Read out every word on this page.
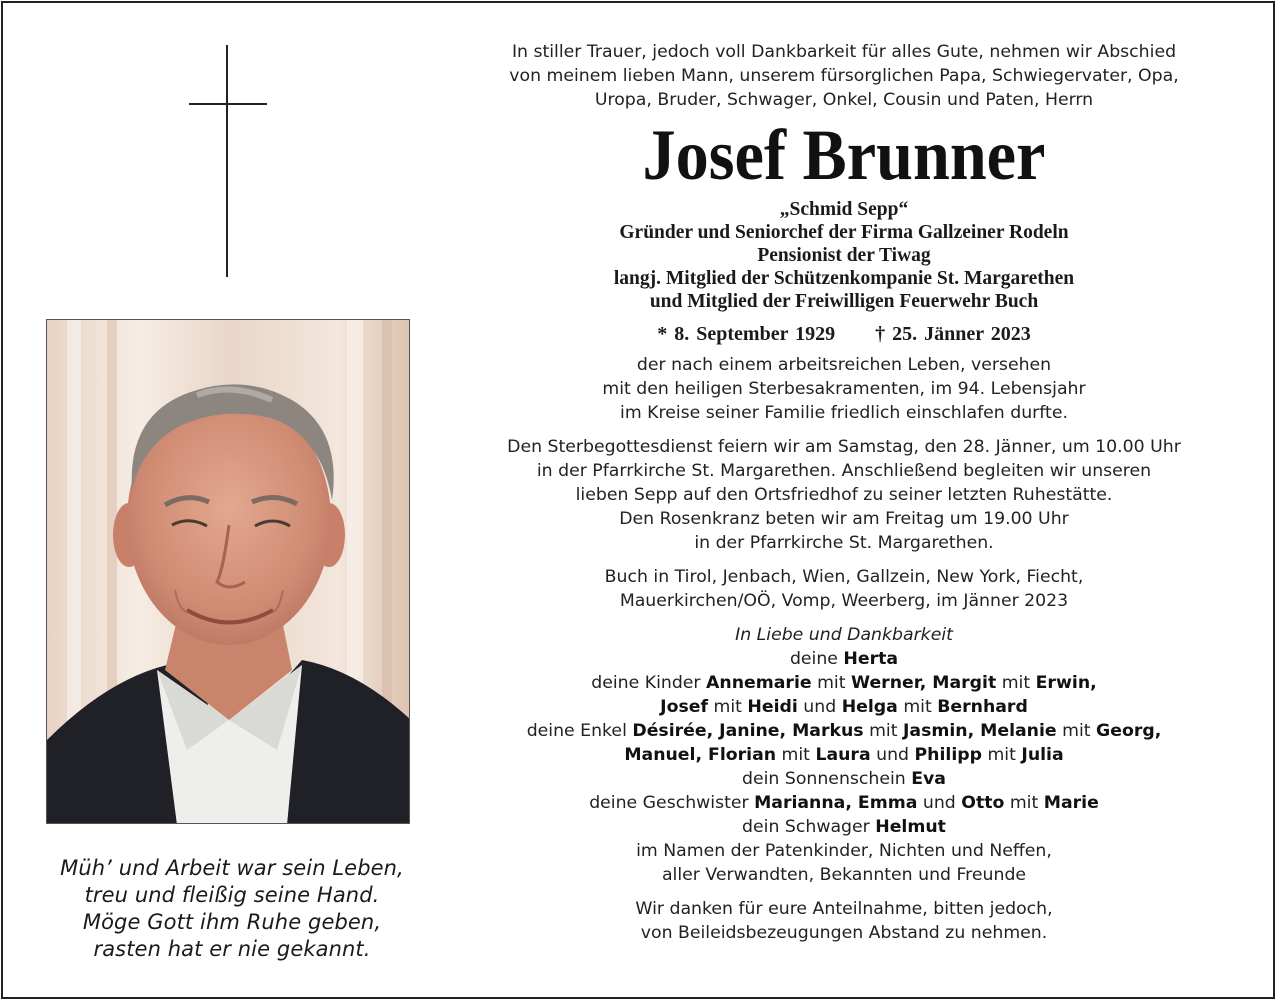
Müh’ und Arbeit war sein Leben,
treu und fleißig seine Hand.
Möge Gott ihm Ruhe geben,
rasten hat er nie gekannt.
In stiller Trauer, jedoch voll Dankbarkeit für alles Gute, nehmen wir Abschied
von meinem lieben Mann, unserem fürsorglichen Papa, Schwiegervater, Opa,
Uropa, Bruder, Schwager, Onkel, Cousin und Paten, Herrn
Josef Brunner
„Schmid Sepp“
Gründer und Seniorchef der Firma Gallzeiner Rodeln
Pensionist der Tiwag
langj. Mitglied der Schützenkompanie St. Margarethen
und Mitglied der Freiwilligen Feuerwehr Buch
* 8. September 1929 † 25. Jänner 2023
der nach einem arbeitsreichen Leben, versehen
mit den heiligen Sterbesakramenten, im 94. Lebensjahr
im Kreise seiner Familie friedlich einschlafen durfte.
Den Sterbegottesdienst feiern wir am Samstag, den 28. Jänner, um 10.00 Uhr
in der Pfarrkirche St. Margarethen. Anschließend begleiten wir unseren
lieben Sepp auf den Ortsfriedhof zu seiner letzten Ruhestätte.
Den Rosenkranz beten wir am Freitag um 19.00 Uhr
in der Pfarrkirche St. Margarethen.
Buch in Tirol, Jenbach, Wien, Gallzein, New York, Fiecht,
Mauerkirchen/OÖ, Vomp, Weerberg, im Jänner 2023
In Liebe und Dankbarkeit
deine Herta
deine Kinder Annemarie mit Werner, Margit mit Erwin,
Josef mit Heidi und Helga mit Bernhard
deine Enkel Désirée, Janine, Markus mit Jasmin, Melanie mit Georg,
Manuel, Florian mit Laura und Philipp mit Julia
dein Sonnenschein Eva
deine Geschwister Marianna, Emma und Otto mit Marie
dein Schwager Helmut
im Namen der Patenkinder, Nichten und Neffen,
aller Verwandten, Bekannten und Freunde
Wir danken für eure Anteilnahme, bitten jedoch,
von Beileidsbezeugungen Abstand zu nehmen.
